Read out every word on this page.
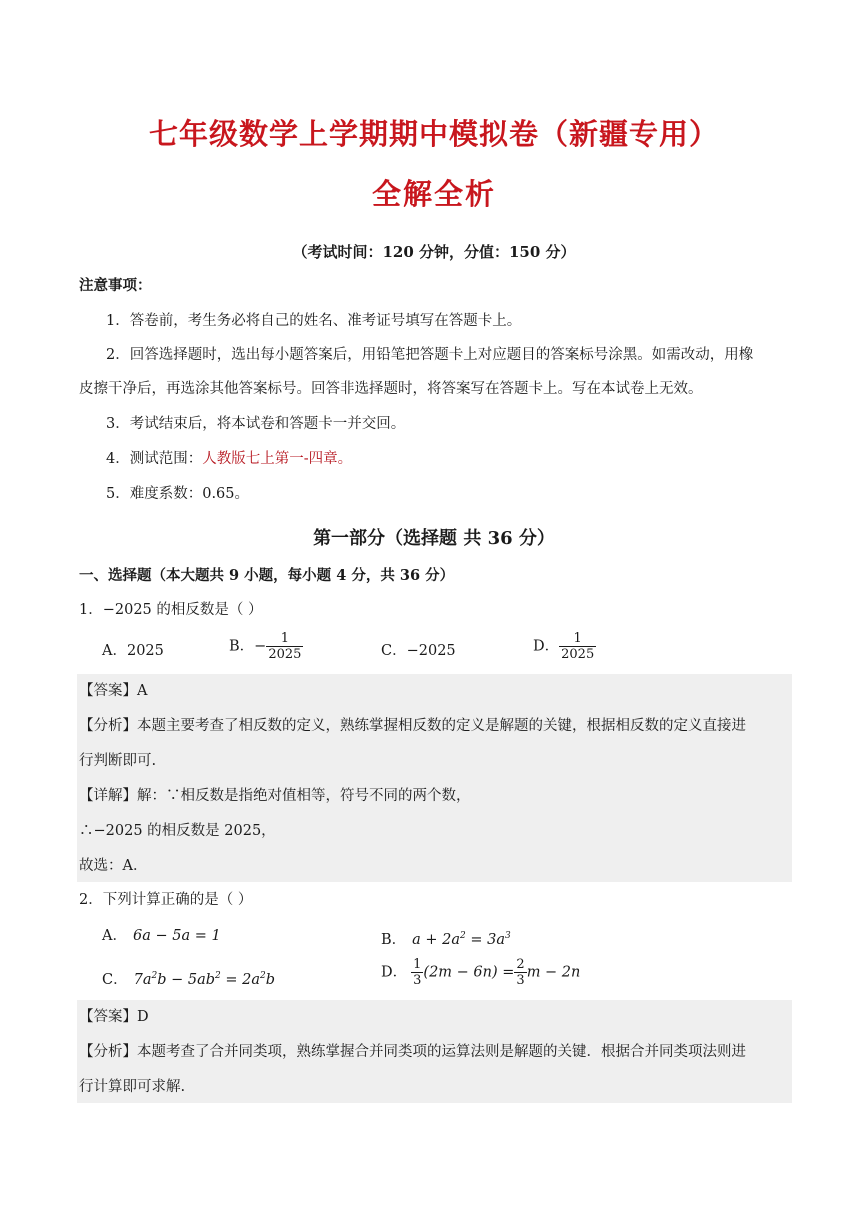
七年级数学上学期期中模拟卷（新疆专用）
全解全析
（考试时间：120 分钟，分值：150 分）
注意事项：
1．答卷前，考生务必将自己的姓名、准考证号填写在答题卡上。
2．回答选择题时，选出每小题答案后，用铅笔把答题卡上对应题目的答案标号涂黑。如需改动，用橡
皮擦干净后，再选涂其他答案标号。回答非选择题时，将答案写在答题卡上。写在本试卷上无效。
3．考试结束后，将本试卷和答题卡一并交回。
4．测试范围：人教版七上第一-四章。
5．难度系数：0.65。
第一部分（选择题 共 36 分）
一、选择题（本大题共 9 小题，每小题 4 分，共 36 分）
1．−2025 的相反数是（ ）
A．2025	B．− $\frac{1}{2025}$	C．−2025	D． $\frac{1}{2025}$
【答案】A
【分析】本题主要考查了相反数的定义，熟练掌握相反数的定义是解题的关键，根据相反数的定义直接进
行判断即可.
【详解】解：∵相反数是指绝对值相等，符号不同的两个数，
∴−2025 的相反数是 2025，
故选：A．
2．下列计算正确的是（ ）
A． 6a − 5a = 1	B． $a + 2a^2 = 3a^3$
C． $7a^2b - 5ab^2 = 2a^2b$	D． $\frac{1}{3} (2m - 6n) = \frac{2}{3}$ m − 2n
【答案】D
【分析】本题考查了合并同类项，熟练掌握合并同类项的运算法则是解题的关键．根据合并同类项法则进
行计算即可求解.
